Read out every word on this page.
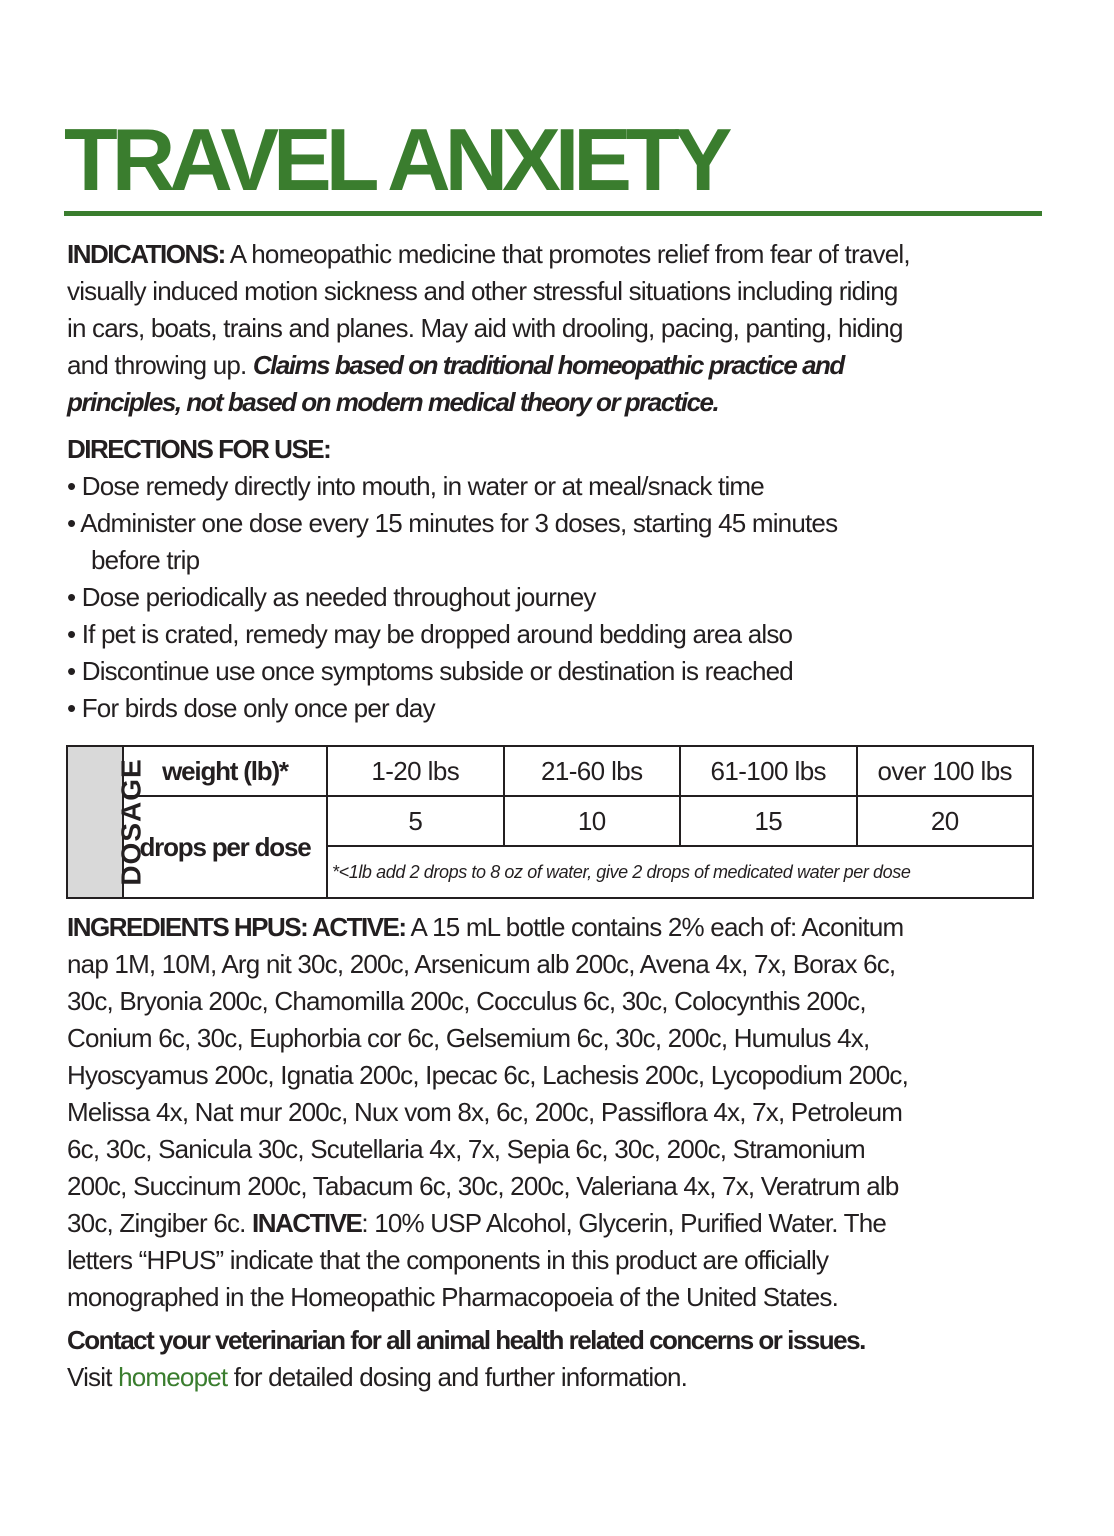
TRAVEL ANXIETY
INDICATIONS: A homeopathic medicine that promotes relief from fear of travel,
visually induced motion sickness and other stressful situations including riding
in cars, boats, trains and planes. May aid with drooling, pacing, panting, hiding
and throwing up. Claims based on traditional homeopathic practice and
principles, not based on modern medical theory or practice.
DIRECTIONS FOR USE:
• Dose remedy directly into mouth, in water or at meal/snack time
• Administer one dose every 15 minutes for 3 doses, starting 45 minutes
before trip
• Dose periodically as needed throughout journey
• If pet is crated, remedy may be dropped around bedding area also
• Discontinue use once symptoms subside or destination is reached
• For birds dose only once per day
DOSAGE	weight (lb)*	1-20 lbs	21-60 lbs	61-100 lbs	over 100 lbs
	drops per dose	5	10	15	20
		*<1lb add 2 drops to 8 oz of water, give 2 drops of medicated water per dose			
INGREDIENTS HPUS: ACTIVE: A 15 mL bottle contains 2% each of: Aconitum
nap 1M, 10M, Arg nit 30c, 200c, Arsenicum alb 200c, Avena 4x, 7x, Borax 6c,
30c, Bryonia 200c, Chamomilla 200c, Cocculus 6c, 30c, Colocynthis 200c,
Conium 6c, 30c, Euphorbia cor 6c, Gelsemium 6c, 30c, 200c, Humulus 4x,
Hyoscyamus 200c, Ignatia 200c, Ipecac 6c, Lachesis 200c, Lycopodium 200c,
Melissa 4x, Nat mur 200c, Nux vom 8x, 6c, 200c, Passiflora 4x, 7x, Petroleum
6c, 30c, Sanicula 30c, Scutellaria 4x, 7x, Sepia 6c, 30c, 200c, Stramonium
200c, Succinum 200c, Tabacum 6c, 30c, 200c, Valeriana 4x, 7x, Veratrum alb
30c, Zingiber 6c. INACTIVE: 10% USP Alcohol, Glycerin, Purified Water. The
letters “HPUS” indicate that the components in this product are officially
monographed in the Homeopathic Pharmacopoeia of the United States.
Contact your veterinarian for all animal health related concerns or issues.
Visit homeopet for detailed dosing and further information.
